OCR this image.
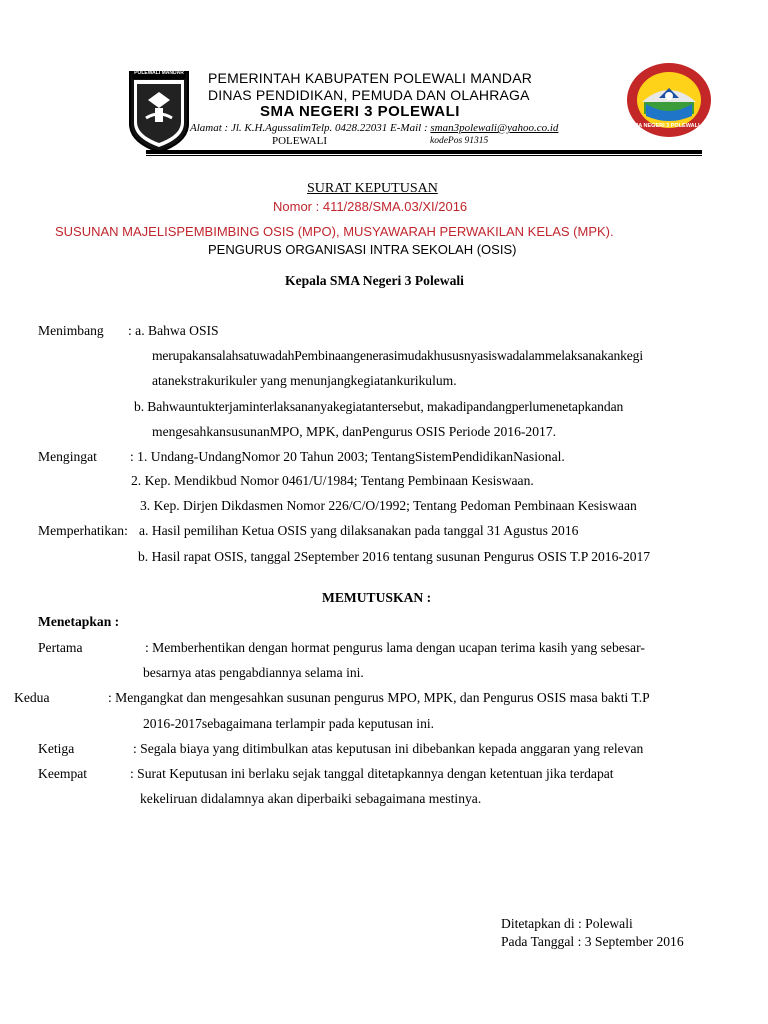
POLEWALI MANDAR
SMA NEGERI 3 POLEWALI
PEMERINTAH KABUPATEN POLEWALI MANDAR
DINAS PENDIDIKAN, PEMUDA DAN OLAHRAGA
SMA NEGERI 3 POLEWALI
Alamat : Jl. K.H.AgussalimTelp. 0428.22031 E-Mail : sman3polewali@yahoo.co.id
POLEWALI	kodePos 91315
SURAT KEPUTUSAN
Nomor : 411/288/SMA.03/XI/2016
SUSUNAN MAJELISPEMBIMBING OSIS (MPO), MUSYAWARAH PERWAKILAN KELAS (MPK).
PENGURUS ORGANISASI INTRA SEKOLAH (OSIS)
Kepala SMA Negeri 3 Polewali
Menimbang : a. Bahwa OSIS
merupakansalahsatuwadahPembinaangenerasimudakhususnyasiswadalammelaksanakankegi
atanekstrakurikuler yang menunjangkegiatankurikulum.
b. Bahwauntukterjaminterlaksananyakegiatantersebut, makadipandangperlumenetapkandan
mengesahkansusunanMPO, MPK, danPengurus OSIS Periode 2016-2017.
Mengingat : 1. Undang-UndangNomor 20 Tahun 2003; TentangSistemPendidikanNasional.
2. Kep. Mendikbud Nomor 0461/U/1984; Tentang Pembinaan Kesiswaan.
3. Kep. Dirjen Dikdasmen Nomor 226/C/O/1992; Tentang Pedoman Pembinaan Kesiswaan
Memperhatikan: a. Hasil pemilihan Ketua OSIS yang dilaksanakan pada tanggal 31 Agustus 2016
b. Hasil rapat OSIS, tanggal 2September 2016 tentang susunan Pengurus OSIS T.P 2016-2017
MEMUTUSKAN :
Menetapkan :
Pertama	: Memberhentikan dengan hormat pengurus lama dengan ucapan terima kasih yang sebesar-
besarnya atas pengabdiannya selama ini.
Kedua	: Mengangkat dan mengesahkan susunan pengurus MPO, MPK, dan Pengurus OSIS masa bakti T.P
2016-2017sebagaimana terlampir pada keputusan ini.
Ketiga	: Segala biaya yang ditimbulkan atas keputusan ini dibebankan kepada anggaran yang relevan
Keempat	: Surat Keputusan ini berlaku sejak tanggal ditetapkannya dengan ketentuan jika terdapat
kekeliruan didalamnya akan diperbaiki sebagaimana mestinya.
Ditetapkan di : Polewali
Pada Tanggal : 3 September 2016
